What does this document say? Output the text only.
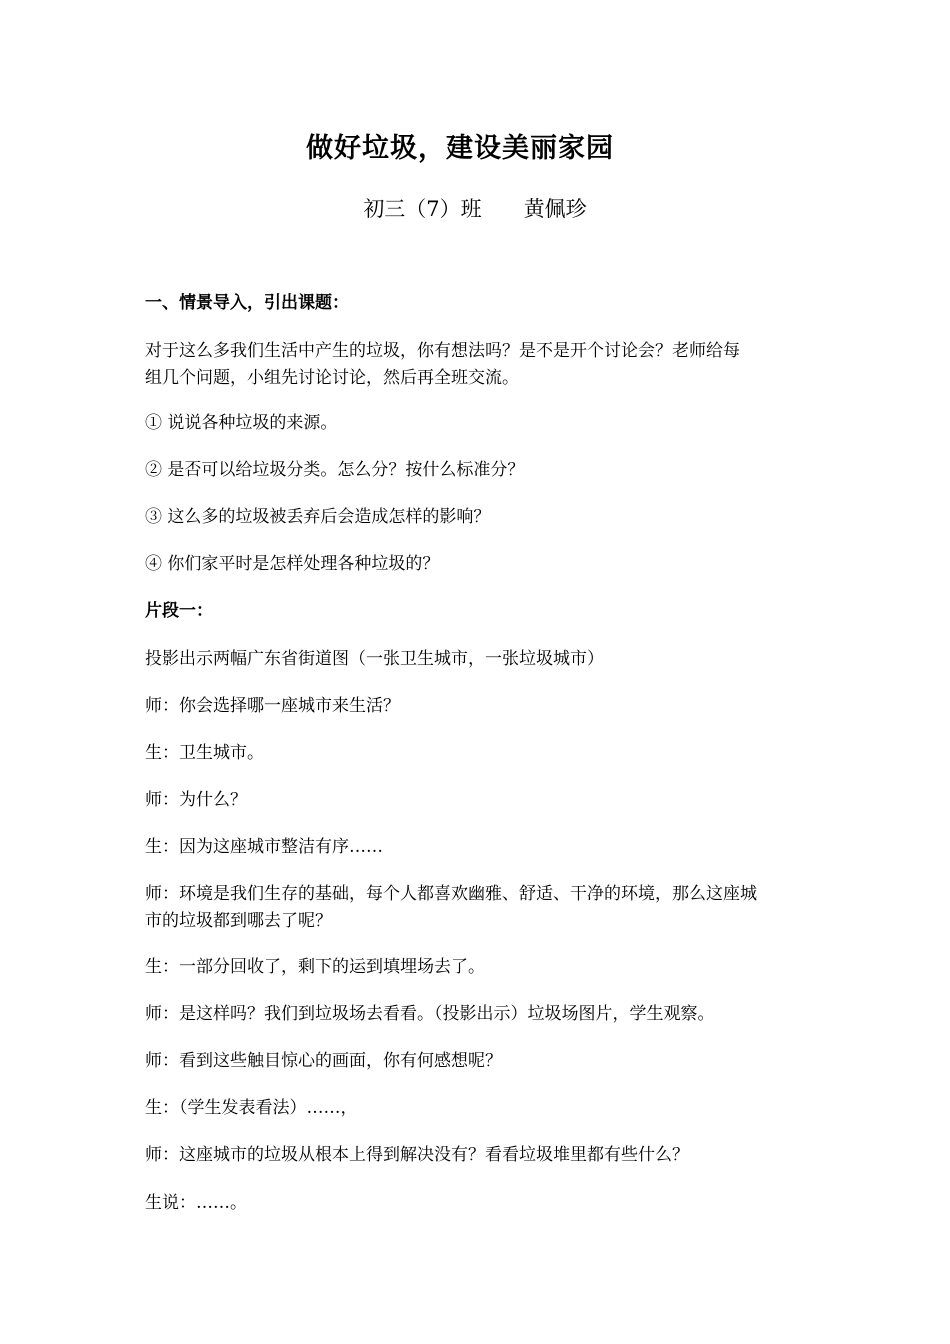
做好垃圾，建设美丽家园
初三（7）班 黄佩珍
一、情景导入，引出课题：
对于这么多我们生活中产生的垃圾，你有想法吗？是不是开个讨论会？老师给每
组几个问题，小组先讨论讨论，然后再全班交流。
① 说说各种垃圾的来源。
② 是否可以给垃圾分类。怎么分？按什么标准分？
③ 这么多的垃圾被丢弃后会造成怎样的影响？
④ 你们家平时是怎样处理各种垃圾的？
片段一：
投影出示两幅广东省街道图（一张卫生城市，一张垃圾城市）
师：你会选择哪一座城市来生活？
生：卫生城市。
师：为什么？
生：因为这座城市整洁有序……
师：环境是我们生存的基础，每个人都喜欢幽雅、舒适、干净的环境，那么这座城
市的垃圾都到哪去了呢？
生：一部分回收了，剩下的运到填埋场去了。
师：是这样吗？我们到垃圾场去看看。（投影出示）垃圾场图片，学生观察。
师：看到这些触目惊心的画面，你有何感想呢？
生：（学生发表看法）……，
师：这座城市的垃圾从根本上得到解决没有？看看垃圾堆里都有些什么？
生说：……。
